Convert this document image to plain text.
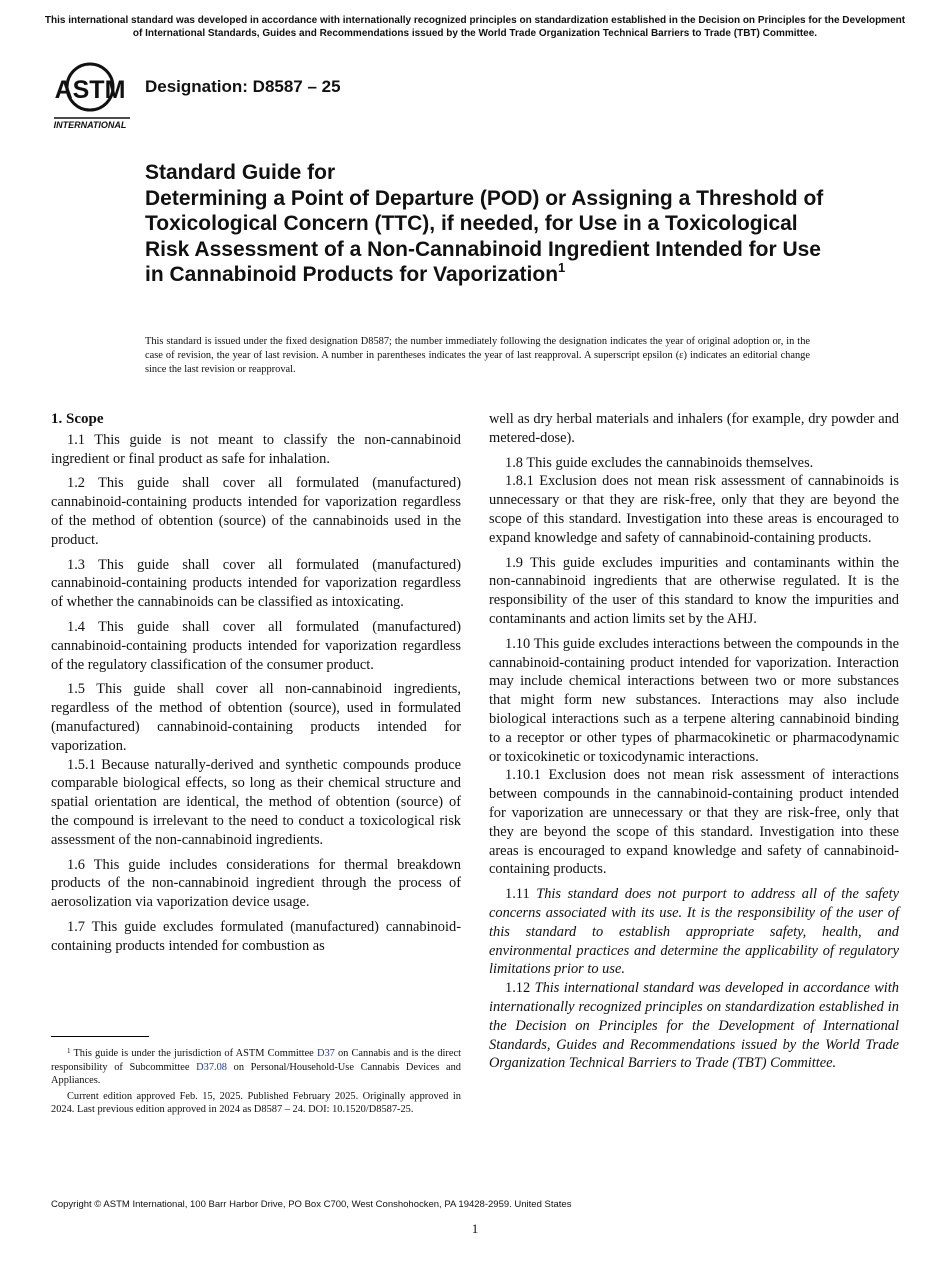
This international standard was developed in accordance with internationally recognized principles on standardization established in the Decision on Principles for the Development of International Standards, Guides and Recommendations issued by the World Trade Organization Technical Barriers to Trade (TBT) Committee.
ASTM
INTERNATIONAL
Designation: D8587 – 25
Standard Guide for
Determining a Point of Departure (POD) or Assigning a Threshold of Toxicological Concern (TTC), if needed, for Use in a Toxicological Risk Assessment of a Non-Cannabinoid Ingredient Intended for Use in Cannabinoid Products for Vaporization$^1$
This standard is issued under the fixed designation D8587; the number immediately following the designation indicates the year of original adoption or, in the case of revision, the year of last revision. A number in parentheses indicates the year of last reapproval. A superscript epsilon (ε) indicates an editorial change since the last revision or reapproval.
1. Scope

1.1 This guide is not meant to classify the non-cannabinoid ingredient or final product as safe for inhalation.

1.2 This guide shall cover all formulated (manufactured) cannabinoid-containing products intended for vaporization regardless of the method of obtention (source) of the cannabinoids used in the product.

1.3 This guide shall cover all formulated (manufactured) cannabinoid-containing products intended for vaporization regardless of whether the cannabinoids can be classified as intoxicating.

1.4 This guide shall cover all formulated (manufactured) cannabinoid-containing products intended for vaporization regardless of the regulatory classification of the consumer product.

1.5 This guide shall cover all non-cannabinoid ingredients, regardless of the method of obtention (source), used in formulated (manufactured) cannabinoid-containing products intended for vaporization.

1.5.1 Because naturally-derived and synthetic compounds produce comparable biological effects, so long as their chemical structure and spatial orientation are identical, the method of obtention (source) of the compound is irrelevant to the need to conduct a toxicological risk assessment of the non-cannabinoid ingredients.

1.6 This guide includes considerations for thermal breakdown products of the non-cannabinoid ingredient through the process of aerosolization via vaporization device usage.

1.7 This guide excludes formulated (manufactured) cannabinoid-containing products intended for combustion as

well as dry herbal materials and inhalers (for example, dry powder and metered-dose).

1.8 This guide excludes the cannabinoids themselves.

1.8.1 Exclusion does not mean risk assessment of cannabinoids is unnecessary or that they are risk-free, only that they are beyond the scope of this standard. Investigation into these areas is encouraged to expand knowledge and safety of cannabinoid-containing products.

1.9 This guide excludes impurities and contaminants within the non-cannabinoid ingredients that are otherwise regulated. It is the responsibility of the user of this standard to know the impurities and contaminants and action limits set by the AHJ.

1.10 This guide excludes interactions between the compounds in the cannabinoid-containing product intended for vaporization. Interaction may include chemical interactions between two or more substances that might form new substances. Interactions may also include biological interactions such as a terpene altering cannabinoid binding to a receptor or other types of pharmacokinetic or pharmacodynamic or toxicokinetic or toxicodynamic interactions.

1.10.1 Exclusion does not mean risk assessment of interactions between compounds in the cannabinoid-containing product intended for vaporization are unnecessary or that they are risk-free, only that they are beyond the scope of this standard. Investigation into these areas is encouraged to expand knowledge and safety of cannabinoid-containing products.

1.11 This standard does not purport to address all of the safety concerns associated with its use. It is the responsibility of the user of this standard to establish appropriate safety, health, and environmental practices and determine the applicability of regulatory limitations prior to use.

1.12 This international standard was developed in accordance with internationally recognized principles on standardization established in the Decision on Principles for the Development of International Standards, Guides and Recommendations issued by the World Trade Organization Technical Barriers to Trade (TBT) Committee.

$^1$ This guide is under the jurisdiction of ASTM Committee D37 on Cannabis and is the direct responsibility of Subcommittee D37.08 on Personal/Household-Use Cannabis Devices and Appliances.

Current edition approved Feb. 15, 2025. Published February 2025. Originally approved in 2024. Last previous edition approved in 2024 as D8587 – 24. DOI: 10.1520/D8587-25.

Copyright © ASTM International, 100 Barr Harbor Drive, PO Box C700, West Conshohocken, PA 19428-2959. United States
1
